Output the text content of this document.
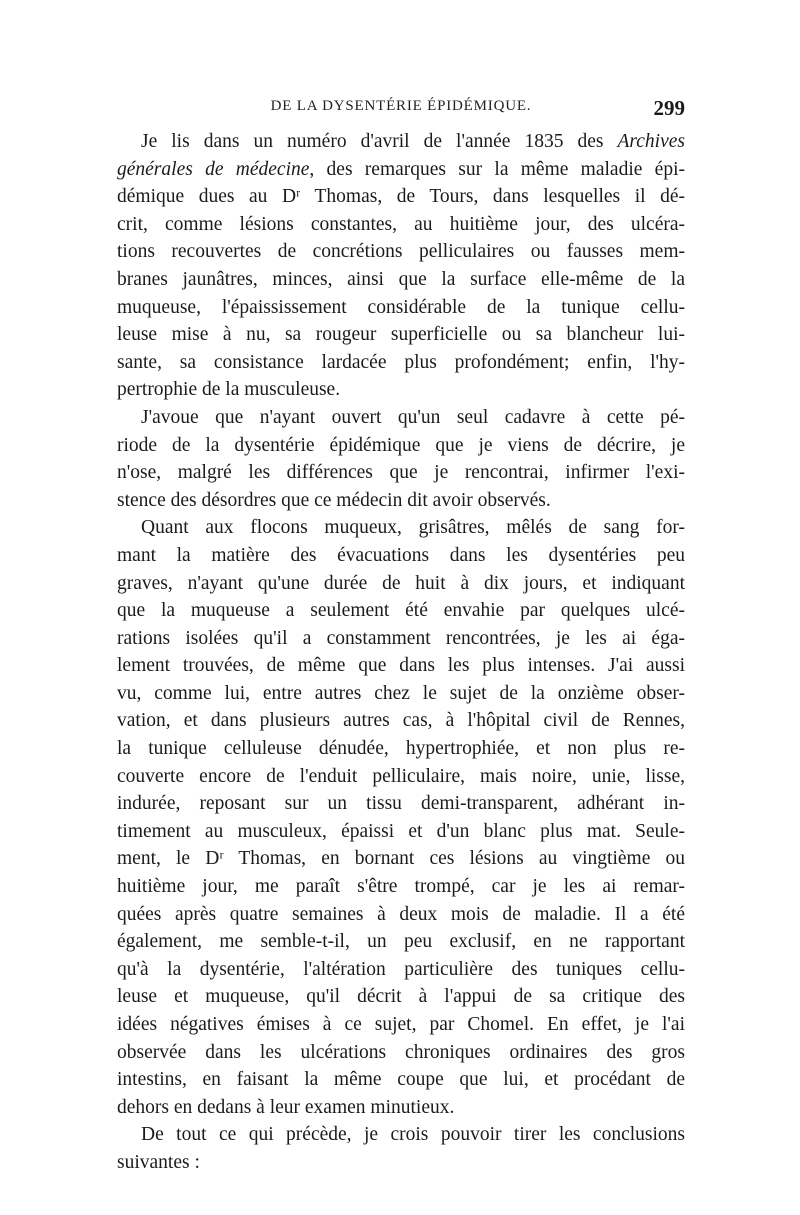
DE LA DYSENTÉRIE ÉPIDÉMIQUE.	299
Je lis dans un numéro d'avril de l'année 1835 des Archives
générales de médecine, des remarques sur la même maladie épi-
démique dues au Dʳ Thomas, de Tours, dans lesquelles il dé-
crit, comme lésions constantes, au huitième jour, des ulcéra-
tions recouvertes de concrétions pelliculaires ou fausses mem-
branes jaunâtres, minces, ainsi que la surface elle-même de la
muqueuse, l'épaississement considérable de la tunique cellu-
leuse mise à nu, sa rougeur superficielle ou sa blancheur lui-
sante, sa consistance lardacée plus profondément; enfin, l'hy-
pertrophie de la musculeuse.
J'avoue que n'ayant ouvert qu'un seul cadavre à cette pé-
riode de la dysentérie épidémique que je viens de décrire, je
n'ose, malgré les différences que je rencontrai, infirmer l'exi-
stence des désordres que ce médecin dit avoir observés.
Quant aux flocons muqueux, grisâtres, mêlés de sang for-
mant la matière des évacuations dans les dysentéries peu
graves, n'ayant qu'une durée de huit à dix jours, et indiquant
que la muqueuse a seulement été envahie par quelques ulcé-
rations isolées qu'il a constamment rencontrées, je les ai éga-
lement trouvées, de même que dans les plus intenses. J'ai aussi
vu, comme lui, entre autres chez le sujet de la onzième obser-
vation, et dans plusieurs autres cas, à l'hôpital civil de Rennes,
la tunique celluleuse dénudée, hypertrophiée, et non plus re-
couverte encore de l'enduit pelliculaire, mais noire, unie, lisse,
indurée, reposant sur un tissu demi-transparent, adhérant in-
timement au musculeux, épaissi et d'un blanc plus mat. Seule-
ment, le Dʳ Thomas, en bornant ces lésions au vingtième ou
huitième jour, me paraît s'être trompé, car je les ai remar-
quées après quatre semaines à deux mois de maladie. Il a été
également, me semble-t-il, un peu exclusif, en ne rapportant
qu'à la dysentérie, l'altération particulière des tuniques cellu-
leuse et muqueuse, qu'il décrit à l'appui de sa critique des
idées négatives émises à ce sujet, par Chomel. En effet, je l'ai
observée dans les ulcérations chroniques ordinaires des gros
intestins, en faisant la même coupe que lui, et procédant de
dehors en dedans à leur examen minutieux.
De tout ce qui précède, je crois pouvoir tirer les conclusions
suivantes :
